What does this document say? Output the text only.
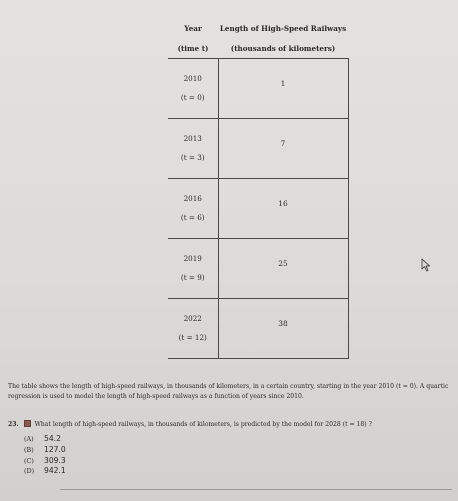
Year
(time t)	Length of High-Speed Railways
(thousands of kilometers)

2010
(t = 0)	1

2013
(t = 3)	7

2016
(t = 6)	16

2019
(t = 9)	25

2022
(t = 12)	38

The table shows the length of high-speed railways, in thousands of kilometers, in a certain country, starting in the year 2010 (t = 0). A quartic regression is used to model the length of high-speed railways as a function of years since 2010.

23.	What length of high-speed railways, in thousands of kilometers, is predicted by the model for 2028 (t = 18) ?

(A) 54.2
(B) 127.0
(C) 309.3
(D) 942.1
